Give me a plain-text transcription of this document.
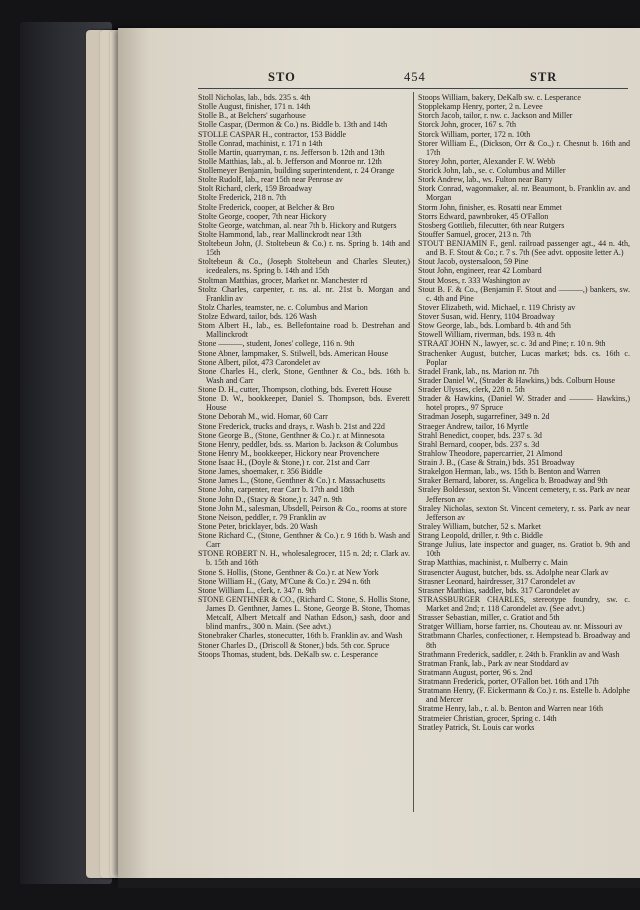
STO	454	STR
Stoll Nicholas, lab., bds. 235 s. 4th
Stolle August, finisher, 171 n. 14th
Stolle B., at Belchers' sugarhouse
Stolle Caspar, (Dermon & Co.) ns. Biddle b. 13th and 14th
STOLLE CASPAR H., contractor, 153 Biddle
Stolle Conrad, machinist, r. 171 n 14th
Stolle Martin, quarryman, r. ns. Jefferson b. 12th and 13th
Stolle Matthias, lab., al. b. Jefferson and Monroe nr. 12th
Stollemeyer Benjamin, building superintendent, r. 24 Orange
Stolte Rudolf, lab., rear 15th near Penrose av
Stolt Richard, clerk, 159 Broadway
Stolte Frederick, 218 n. 7th
Stolte Frederick, cooper, at Belcher & Bro
Stolte George, cooper, 7th near Hickory
Stolte George, watchman, al. near 7th b. Hickory and Rutgers
Stolte Hammond, lab., rear Mallinckrodt near 13th
Stoltebeun John, (J. Stoltebeun & Co.) r. ns. Spring b. 14th and 15th
Stoltebeun & Co., (Joseph Stoltebeun and Charles Sleuter,) icedealers, ns. Spring b. 14th and 15th
Stoltman Matthias, grocer, Market nr. Manchester rd
Stoltz Charles, carpenter, r. ns. al. nr. 21st b. Morgan and Franklin av
Stolz Charles, teamster, ne. c. Columbus and Marion
Stolze Edward, tailor, bds. 126 Wash
Stom Albert H., lab., es. Bellefontaine road b. Destrehan and Mallinckrodt
Stone ———, student, Jones' college, 116 n. 9th
Stone Abner, lampmaker, S. Stilwell, bds. American House
Stone Albert, pilot, 473 Carondelet av
Stone Charles H., clerk, Stone, Genthner & Co., bds. 16th b. Wash and Carr
Stone D. H., cutter, Thompson, clothing, bds. Everett House
Stone D. W., bookkeeper, Daniel S. Thompson, bds. Everett House
Stone Deborah M., wid. Homar, 60 Carr
Stone Frederick, trucks and drays, r. Wash b. 21st and 22d
Stone George B., (Stone, Genthner & Co.) r. at Minnesota
Stone Henry, peddler, bds. ss. Marion b. Jackson & Columbus
Stone Henry M., bookkeeper, Hickory near Provenchere
Stone Isaac H., (Doyle & Stone,) r. cor. 21st and Carr
Stone James, shoemaker, r. 356 Biddle
Stone James L., (Stone, Genthner & Co.) r. Massachusetts
Stone John, carpenter, rear Carr b. 17th and 18th
Stone John D., (Stacy & Stone,) r. 347 n. 9th
Stone John M., salesman, Ubsdell, Peirson & Co., rooms at store
Stone Neison, peddler, r. 79 Franklin av
Stone Peter, bricklayer, bds. 20 Wash
Stone Richard C., (Stone, Genthner & Co.) r. 9 16th b. Wash and Carr
STONE ROBERT N. H., wholesalegrocer, 115 n. 2d; r. Clark av. b. 15th and 16th
Stone S. Hollis, (Stone, Genthner & Co.) r. at New York
Stone William H., (Gaty, M'Cune & Co.) r. 294 n. 6th
Stone William L., clerk, r. 347 n. 9th
STONE GENTHNER & CO., (Richard C. Stone, S. Hollis Stone, James D. Genthner, James L. Stone, George B. Stone, Thomas Metcalf, Albert Metcalf and Nathan Edson,) sash, door and blind manfrs., 300 n. Main. (See advt.)
Stonebraker Charles, stonecutter, 16th b. Franklin av. and Wash
Stoner Charles D., (Driscoll & Stoner,) bds. 5th cor. Spruce
Stoops Thomas, student, bds. DeKalb sw. c. Lesperance
Stoops William, bakery, DeKalb sw. c. Lesperance
Stopplekamp Henry, porter, 2 n. Levee
Storch Jacob, tailor, r. nw. c. Jackson and Miller
Storck John, grocer, 167 s. 7th
Storck William, porter, 172 n. 10th
Storer William E., (Dickson, Orr & Co.,) r. Chesnut b. 16th and 17th
Storey John, porter, Alexander F. W. Webb
Storick John, lab., se. c. Columbus and Miller
Stork Andrew, lab., ws. Fulton near Barry
Stork Conrad, wagonmaker, al. nr. Beaumont, b. Franklin av. and Morgan
Storm John, finisher, es. Rosatti near Emmet
Storrs Edward, pawnbroker, 45 O'Fallon
Stosberg Gottlieb, filecutter, 6th near Rutgers
Stouffer Samuel, grocer, 213 n. 7th
STOUT BENJAMIN F., genl. railroad passenger agt., 44 n. 4th, and B. F. Stout & Co.; r. 7 s. 7th (See advt. opposite letter A.)
Stout Jacob, oystersaloon, 59 Pine
Stout John, engineer, rear 42 Lombard
Stout Moses, r. 333 Washington av
Stout B. F. & Co., (Benjamin F. Stout and ———,) bankers, sw. c. 4th and Pine
Stover Elizabeth, wid. Michael, r. 119 Christy av
Stover Susan, wid. Henry, 1104 Broadway
Stow George, lab., bds. Lombard b. 4th and 5th
Stowell William, riverman, bds. 193 n. 4th
STRAAT JOHN N., lawyer, sc. c. 3d and Pine; r. 10 n. 9th
Strachenker August, butcher, Lucas market; bds. cs. 16th c. Poplar
Stradel Frank, lab., ns. Marion nr. 7th
Strader Daniel W., (Strader & Hawkins,) bds. Colburn House
Strader Ulysses, clerk, 228 n. 5th
Strader & Hawkins, (Daniel W. Strader and ——— Hawkins,) hotel proprs., 97 Spruce
Stradman Joseph, sugarrefiner, 349 n. 2d
Straeger Andrew, tailor, 16 Myrtle
Strahl Benedict, cooper, bds. 237 s. 3d
Strahl Bernard, cooper, bds. 237 s. 3d
Strahlow Theodore, papercarrier, 21 Almond
Strain J. B., (Case & Strain,) bds. 351 Broadway
Strakelgon Herman, lab., ws. 15th b. Benton and Warren
Straker Bernard, laborer, ss. Angelica b. Broadway and 9th
Straley Boldessor, sexton St. Vincent cemetery, r. ss. Park av near Jefferson av
Straley Nicholas, sexton St. Vincent cemetery, r. ss. Park av near Jefferson av
Straley William, butcher, 52 s. Market
Strang Leopold, driller, r. 9th c. Biddle
Strange Julius, late inspector and guager, ns. Gratiot b. 9th and 10th
Strap Matthias, machinist, r. Mulberry c. Main
Strasencter August, butcher, bds. ss. Adolphe near Clark av
Strasner Leonard, hairdresser, 317 Carondelet av
Strasner Matthias, saddler, bds. 317 Carondelet av
STRASSBURGER CHARLES, stereotype foundry, sw. c. Market and 2nd; r. 118 Carondelet av. (See advt.)
Strasser Sebastian, miller, c. Gratiot and 5th
Stratger William, horse farrier, ns. Chouteau av. nr. Missouri av
Stratbmann Charles, confectioner, r. Hempstead b. Broadway and 8th
Strathmann Frederick, saddler, r. 24th b. Franklin av and Wash
Stratman Frank, lab., Park av near Stoddard av
Stratmann August, porter, 96 s. 2nd
Stratmann Frederick, porter, O'Fallon bet. 16th and 17th
Stratmann Henry, (F. Eickermann & Co.) r. ns. Estelle b. Adolphe and Mercer
Stratme Henry, lab., r. al. b. Benton and Warren near 16th
Stratmeier Christian, grocer, Spring c. 14th
Stratley Patrick, St. Louis car works
